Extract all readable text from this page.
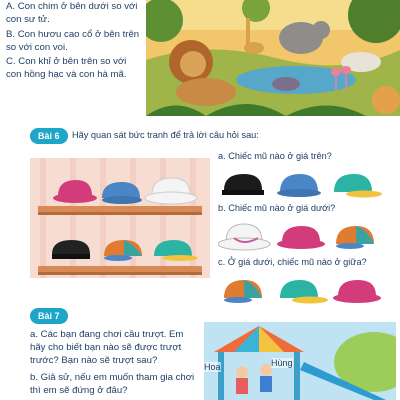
A. Con chim ở bên dưới so với con sư tử.
B. Con hươu cao cổ ở bên trên so với con voi.
C. Con khỉ ở bên trên so với con hồng hạc và con hà mã.
Bài 6	Hãy quan sát bức tranh để trả lời câu hỏi sau:
a. Chiếc mũ nào ở giá trên?
b. Chiếc mũ nào ở giá dưới?
c. Ở giá dưới, chiếc mũ nào ở giữa?
Bài 7
a. Các bạn đang chơi cầu trượt. Em hãy cho biết bạn nào sẽ được trượt trước? Bạn nào sẽ trượt sau?
b. Giả sử, nếu em muốn tham gia chơi thì em sẽ đứng ở đâu?
Hoa	Hùng
